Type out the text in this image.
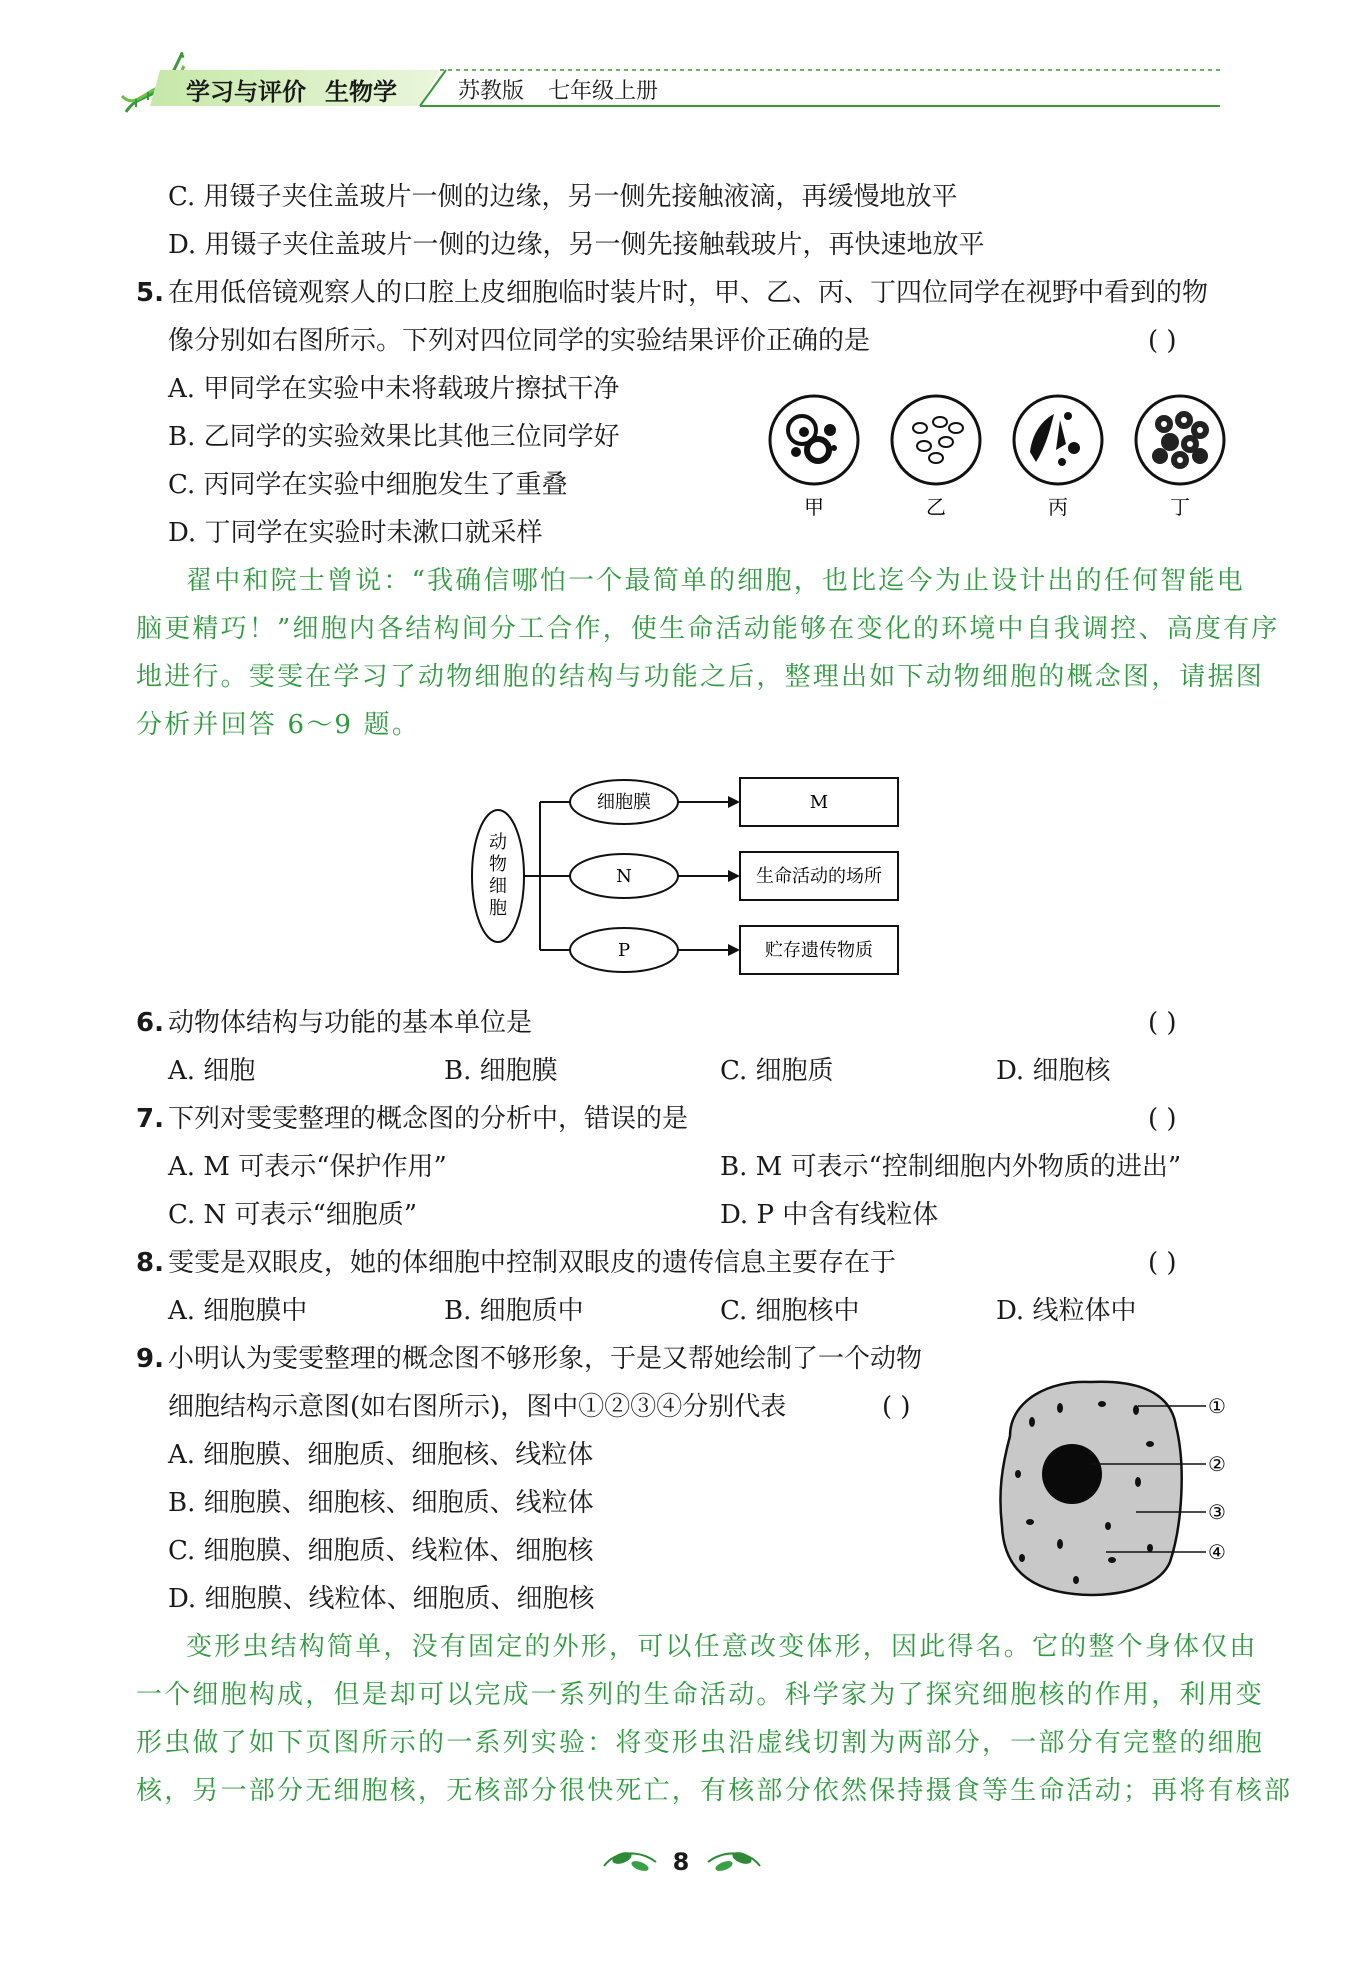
学习与评价 生物学	苏教版 七年级上册
C. 用镊子夹住盖玻片一侧的边缘，另一侧先接触液滴，再缓慢地放平
D. 用镊子夹住盖玻片一侧的边缘，另一侧先接触载玻片，再快速地放平
5. 在用低倍镜观察人的口腔上皮细胞临时装片时，甲、乙、丙、丁四位同学在视野中看到的物
像分别如右图所示。下列对四位同学的实验结果评价正确的是	( )
A. 甲同学在实验中未将载玻片擦拭干净
B. 乙同学的实验效果比其他三位同学好
C. 丙同学在实验中细胞发生了重叠
D. 丁同学在实验时未漱口就采样
甲	乙	丙	丁
翟中和院士曾说：“我确信哪怕一个最简单的细胞，也比迄今为止设计出的任何智能电
脑更精巧！”细胞内各结构间分工合作，使生命活动能够在变化的环境中自我调控、高度有序
地进行。雯雯在学习了动物细胞的结构与功能之后，整理出如下动物细胞的概念图，请据图
分析并回答 6～9 题。
动
物
细
胞
细胞膜
N
P
M
生命活动的场所
贮存遗传物质
6. 动物体结构与功能的基本单位是	( )
A. 细胞	B. 细胞膜	C. 细胞质	D. 细胞核
7. 下列对雯雯整理的概念图的分析中，错误的是	( )
A. M 可表示“保护作用”	B. M 可表示“控制细胞内外物质的进出”
C. N 可表示“细胞质”	D. P 中含有线粒体
8. 雯雯是双眼皮，她的体细胞中控制双眼皮的遗传信息主要存在于	( )
A. 细胞膜中	B. 细胞质中	C. 细胞核中	D. 线粒体中
9. 小明认为雯雯整理的概念图不够形象，于是又帮她绘制了一个动物
细胞结构示意图(如右图所示)，图中①②③④分别代表	( )
A. 细胞膜、细胞质、细胞核、线粒体
B. 细胞膜、细胞核、细胞质、线粒体
C. 细胞膜、细胞质、线粒体、细胞核
D. 细胞膜、线粒体、细胞质、细胞核
①
②
③
④
变形虫结构简单，没有固定的外形，可以任意改变体形，因此得名。它的整个身体仅由
一个细胞构成，但是却可以完成一系列的生命活动。科学家为了探究细胞核的作用，利用变
形虫做了如下页图所示的一系列实验：将变形虫沿虚线切割为两部分，一部分有完整的细胞
核，另一部分无细胞核，无核部分很快死亡，有核部分依然保持摄食等生命活动；再将有核部
8
